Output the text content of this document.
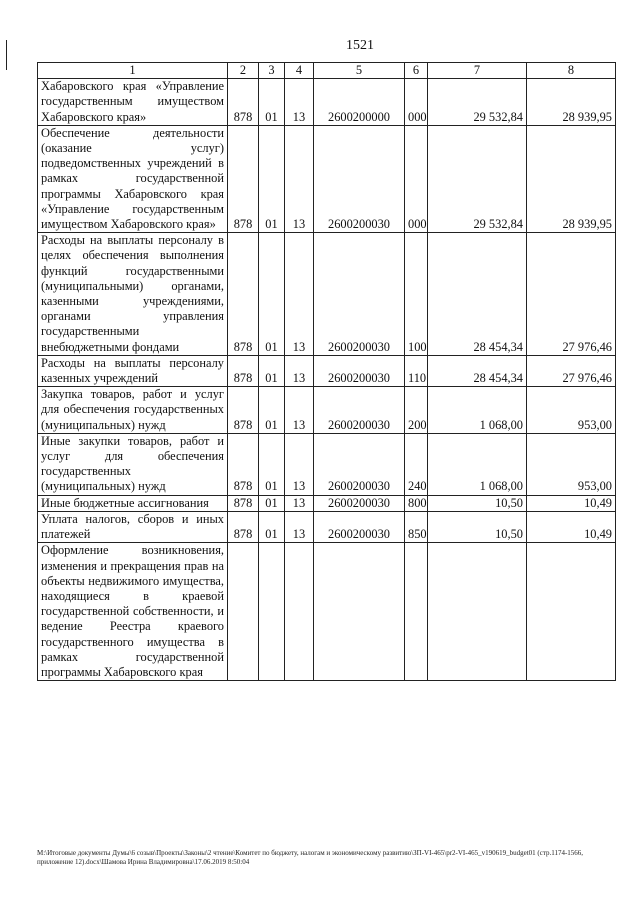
1521
1	2	3	4	5	6	7	8
Хабаровского края «Управление государственным имуществом Хабаровского края»	878	01	13	2600200000	000	29 532,84	28 939,95
Обеспечение деятельности (оказание услуг) подведомственных учреждений в рамках государственной программы Хабаровского края «Управление государственным имуществом Хабаровского края»	878	01	13	2600200030	000	29 532,84	28 939,95
Расходы на выплаты персоналу в целях обеспечения выполнения функций государственными (муниципальными) органами, казенными учреждениями, органами управления государственными внебюджетными фондами	878	01	13	2600200030	100	28 454,34	27 976,46
Расходы на выплаты персоналу казенных учреждений	878	01	13	2600200030	110	28 454,34	27 976,46
Закупка товаров, работ и услуг для обеспечения государственных (муниципальных) нужд	878	01	13	2600200030	200	1 068,00	953,00
Иные закупки товаров, работ и услуг для обеспечения государственных (муниципальных) нужд	878	01	13	2600200030	240	1 068,00	953,00
Иные бюджетные ассигнования	878	01	13	2600200030	800	10,50	10,49
Уплата налогов, сборов и иных платежей	878	01	13	2600200030	850	10,50	10,49
Оформление возникновения, изменения и прекращения прав на объекты недвижимого имущества, находящиеся в краевой государственной собственности, и ведение Реестра краевого государственного имущества в рамках государственной программы Хабаровского края							
M:\Итоговые документы Думы\6 созыв\Проекты\Законы\2 чтение\Комитет по бюджету, налогам и экономическому развитию\ЗП-VI-465\pr2-VI-465_v190619_budget01 (стр.1174-1566, приложение 12).docx\Шамова Ирина Владимировна\17.06.2019 8:50:04
